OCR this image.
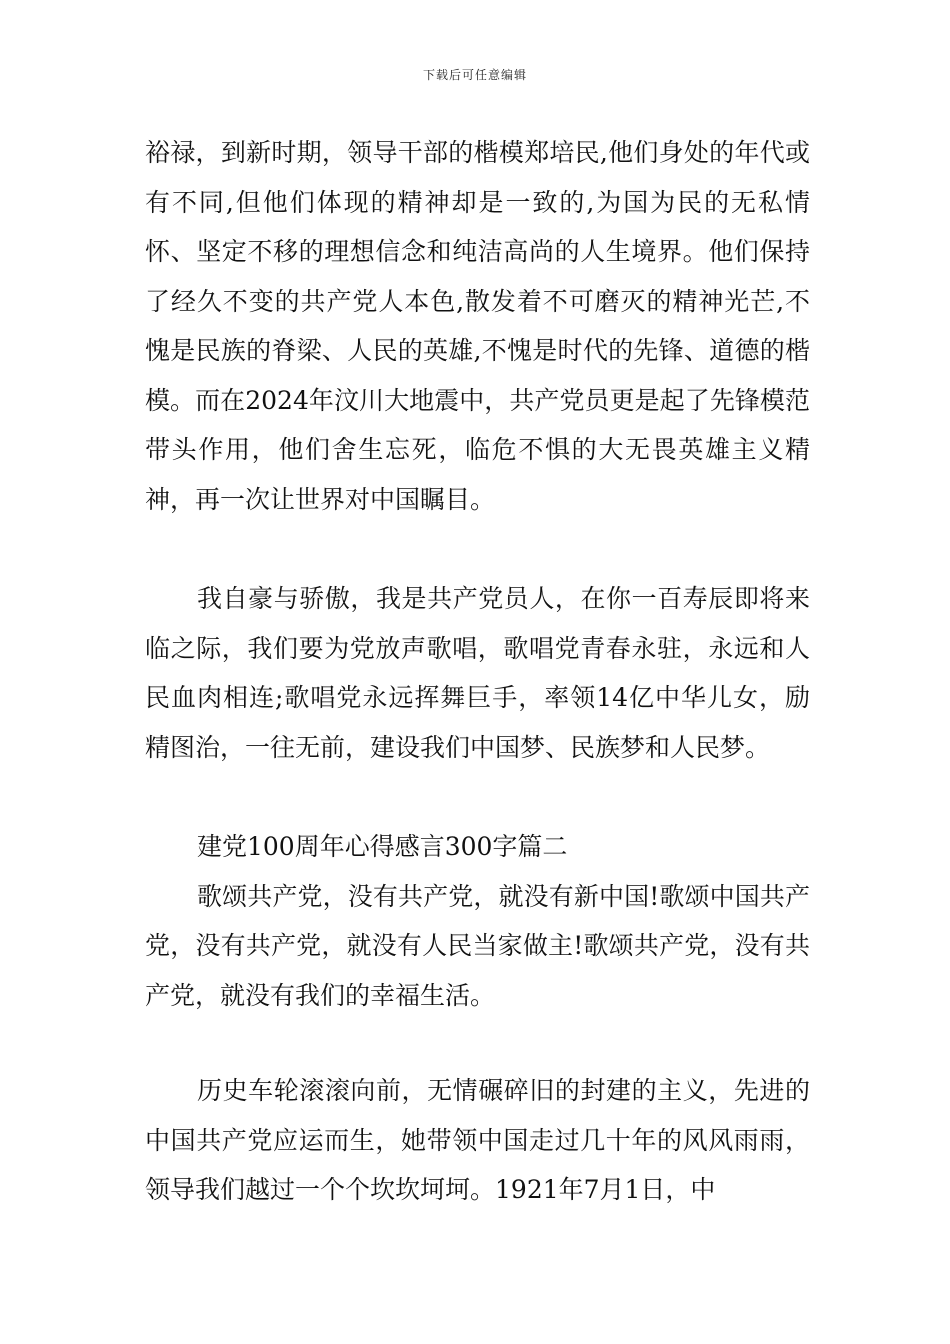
下载后可任意编辑

裕禄，到新时期，领导干部的楷模郑培民,他们身处的年代或有不同,但他们体现的精神却是一致的,为国为民的无私情怀、坚定不移的理想信念和纯洁高尚的人生境界。他们保持了经久不变的共产党人本色,散发着不可磨灭的精神光芒,不愧是民族的脊梁、人民的英雄,不愧是时代的先锋、道德的楷模。而在2024年汶川大地震中，共产党员更是起了先锋模范带头作用，他们舍生忘死，临危不惧的大无畏英雄主义精神，再一次让世界对中国瞩目。

我自豪与骄傲，我是共产党员人，在你一百寿辰即将来临之际，我们要为党放声歌唱，歌唱党青春永驻，永远和人民血肉相连;歌唱党永远挥舞巨手，率领14亿中华儿女，励精图治，一往无前，建设我们中国梦、民族梦和人民梦。

建党100周年心得感言300字篇二

歌颂共产党，没有共产党，就没有新中国!歌颂中国共产党，没有共产党，就没有人民当家做主!歌颂共产党，没有共产党，就没有我们的幸福生活。

历史车轮滚滚向前，无情碾碎旧的封建的主义，先进的中国共产党应运而生，她带领中国走过几十年的风风雨雨，领导我们越过一个个坎坎坷坷。1921年7月1日，中
